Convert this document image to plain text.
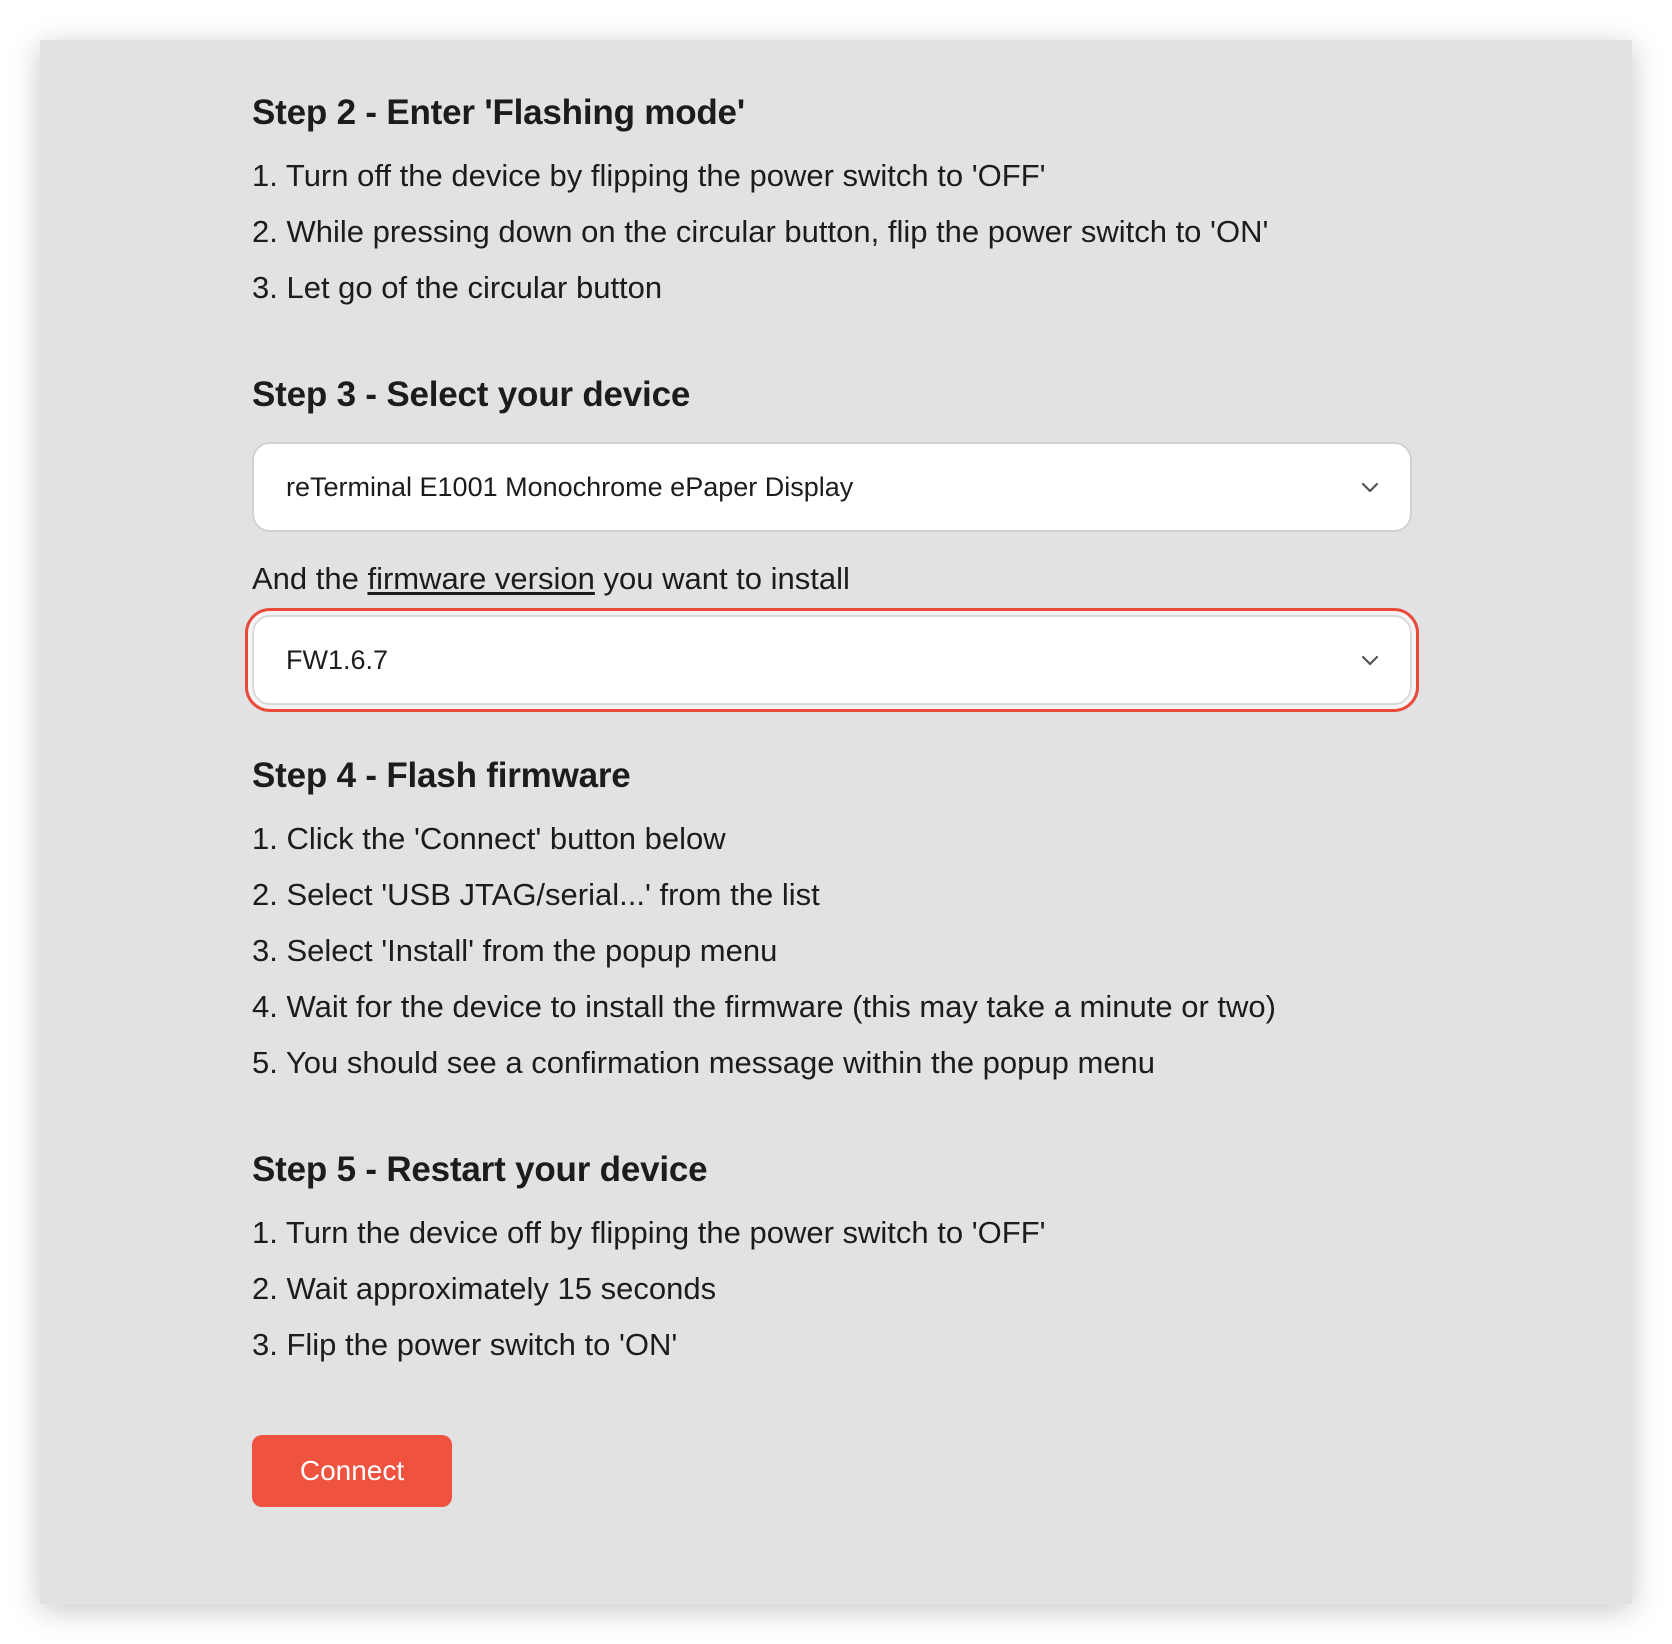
Step 2 - Enter 'Flashing mode'
1. Turn off the device by flipping the power switch to 'OFF'
2. While pressing down on the circular button, flip the power switch to 'ON'
3. Let go of the circular button
Step 3 - Select your device
reTerminal E1001 Monochrome ePaper Display
And the firmware version you want to install
FW1.6.7
Step 4 - Flash firmware
1. Click the 'Connect' button below
2. Select 'USB JTAG/serial...' from the list
3. Select 'Install' from the popup menu
4. Wait for the device to install the firmware (this may take a minute or two)
5. You should see a confirmation message within the popup menu
Step 5 - Restart your device
1. Turn the device off by flipping the power switch to 'OFF'
2. Wait approximately 15 seconds
3. Flip the power switch to 'ON'
Connect
